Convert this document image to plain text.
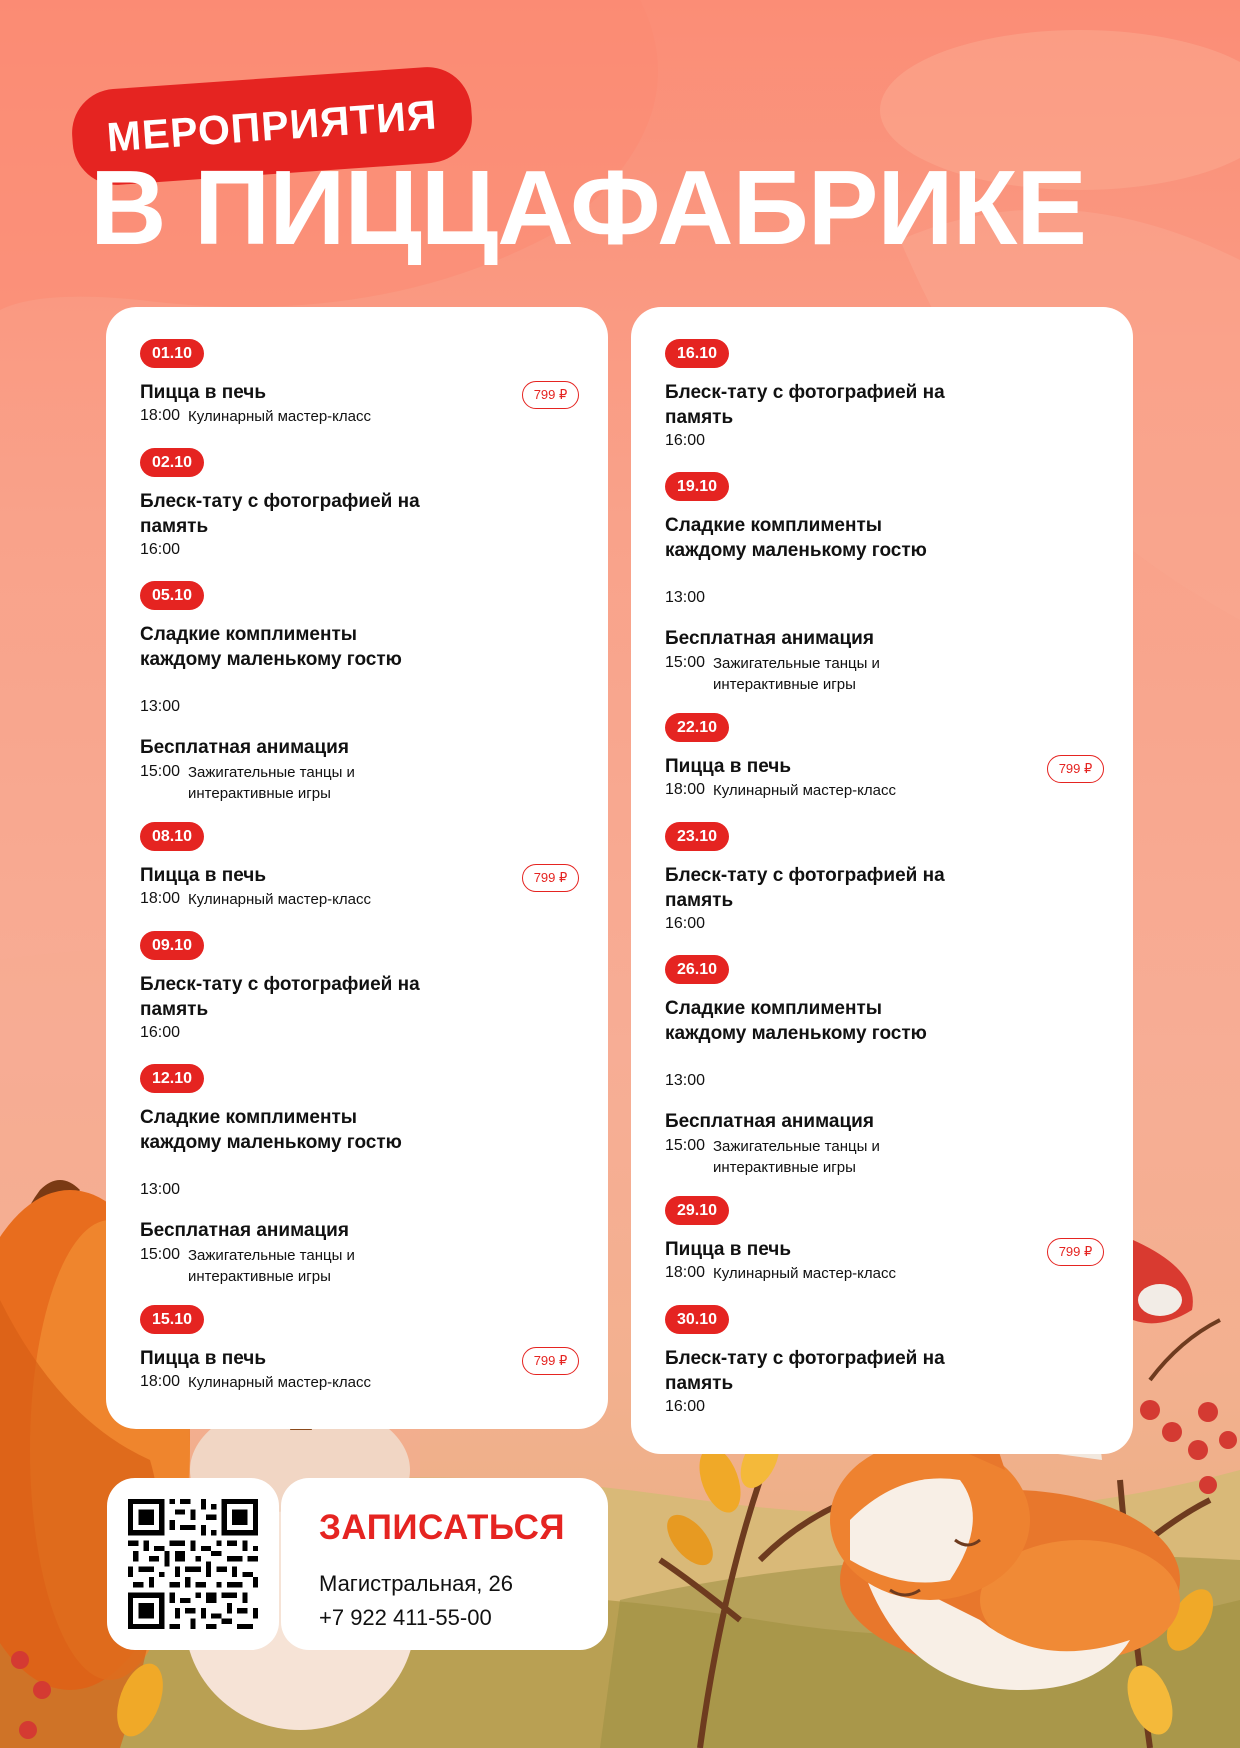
МЕРОПРИЯТИЯ
В ПИЦЦАФАБРИКЕ
01.10
Пицца в печь	799 ₽
18:00 Кулинарный мастер-класс
02.10
Блеск-тату с фотографией на память
16:00
05.10
Сладкие комплименты каждому маленькому гостю
13:00
Бесплатная анимация
15:00 Зажигательные танцы и интерактивные игры
08.10
Пицца в печь	799 ₽
18:00 Кулинарный мастер-класс
09.10
Блеск-тату с фотографией на память
16:00
12.10
Сладкие комплименты каждому маленькому гостю
13:00
Бесплатная анимация
15:00 Зажигательные танцы и интерактивные игры
15.10
Пицца в печь	799 ₽
18:00 Кулинарный мастер-класс
16.10
Блеск-тату с фотографией на память
16:00
19.10
Сладкие комплименты каждому маленькому гостю
13:00
Бесплатная анимация
15:00 Зажигательные танцы и интерактивные игры
22.10
Пицца в печь	799 ₽
18:00 Кулинарный мастер-класс
23.10
Блеск-тату с фотографией на память
16:00
26.10
Сладкие комплименты каждому маленькому гостю
13:00
Бесплатная анимация
15:00 Зажигательные танцы и интерактивные игры
29.10
Пицца в печь	799 ₽
18:00 Кулинарный мастер-класс
30.10
Блеск-тату с фотографией на память
16:00
ЗАПИСАТЬСЯ
Магистральная, 26
+7 922 411-55-00
